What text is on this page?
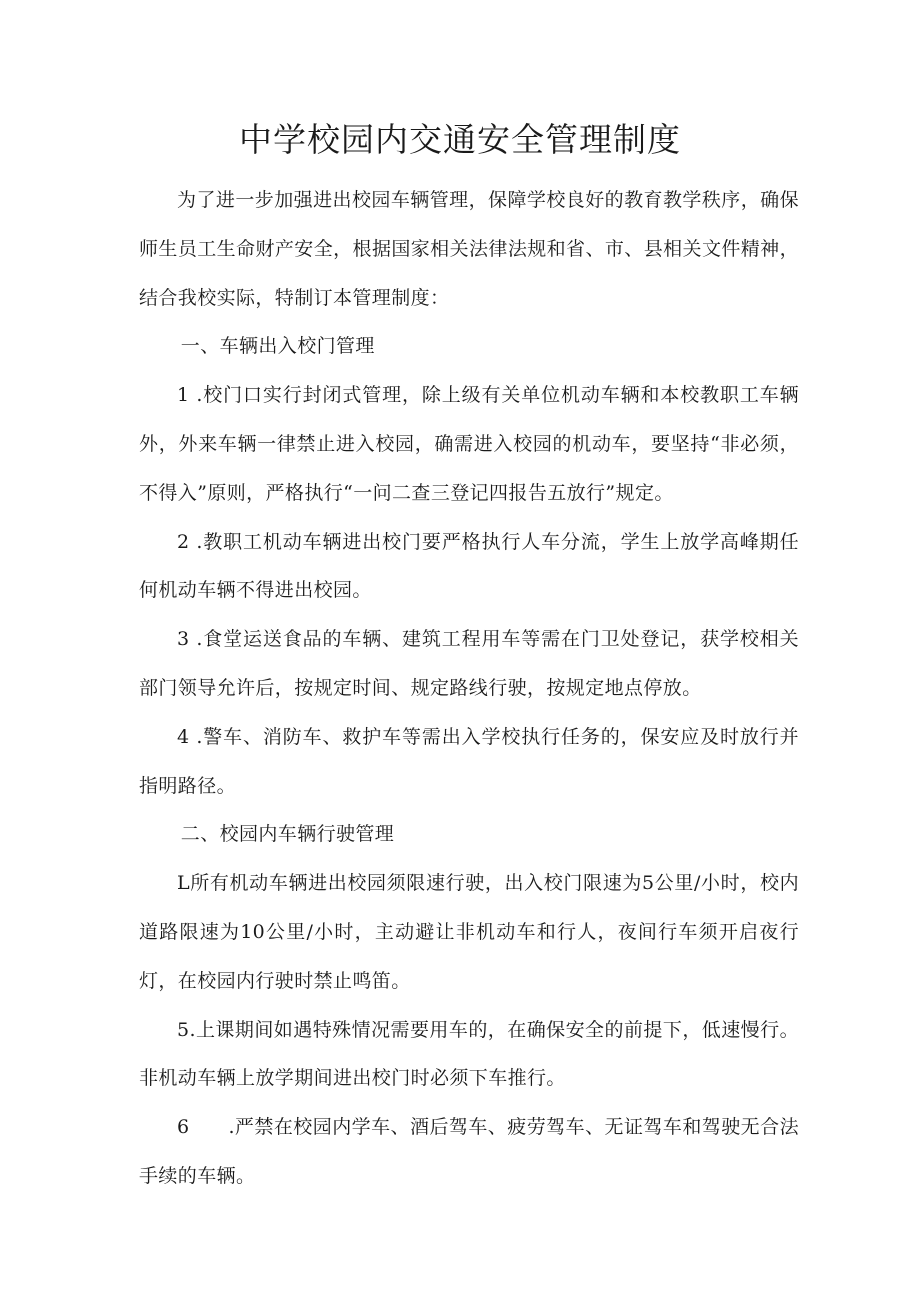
中学校园内交通安全管理制度

为了进一步加强进出校园车辆管理，保障学校良好的教育教学秩序，确保师生员工生命财产安全，根据国家相关法律法规和省、市、县相关文件精神，结合我校实际，特制订本管理制度：

一、车辆出入校门管理

1 .校门口实行封闭式管理，除上级有关单位机动车辆和本校教职工车辆外，外来车辆一律禁止进入校园，确需进入校园的机动车，要坚持“非必须，不得入”原则，严格执行“一问二查三登记四报告五放行”规定。

2 .教职工机动车辆进出校门要严格执行人车分流，学生上放学高峰期任何机动车辆不得进出校园。

3 .食堂运送食品的车辆、建筑工程用车等需在门卫处登记，获学校相关部门领导允许后，按规定时间、规定路线行驶，按规定地点停放。

4 .警车、消防车、救护车等需出入学校执行任务的，保安应及时放行并指明路径。

二、校园内车辆行驶管理

L所有机动车辆进出校园须限速行驶，出入校门限速为5公里/小时，校内道路限速为10公里/小时，主动避让非机动车和行人，夜间行车须开启夜行灯，在校园内行驶时禁止鸣笛。

5.上课期间如遇特殊情况需要用车的，在确保安全的前提下，低速慢行。非机动车辆上放学期间进出校门时必须下车推行。

6　　.严禁在校园内学车、酒后驾车、疲劳驾车、无证驾车和驾驶无合法手续的车辆。
